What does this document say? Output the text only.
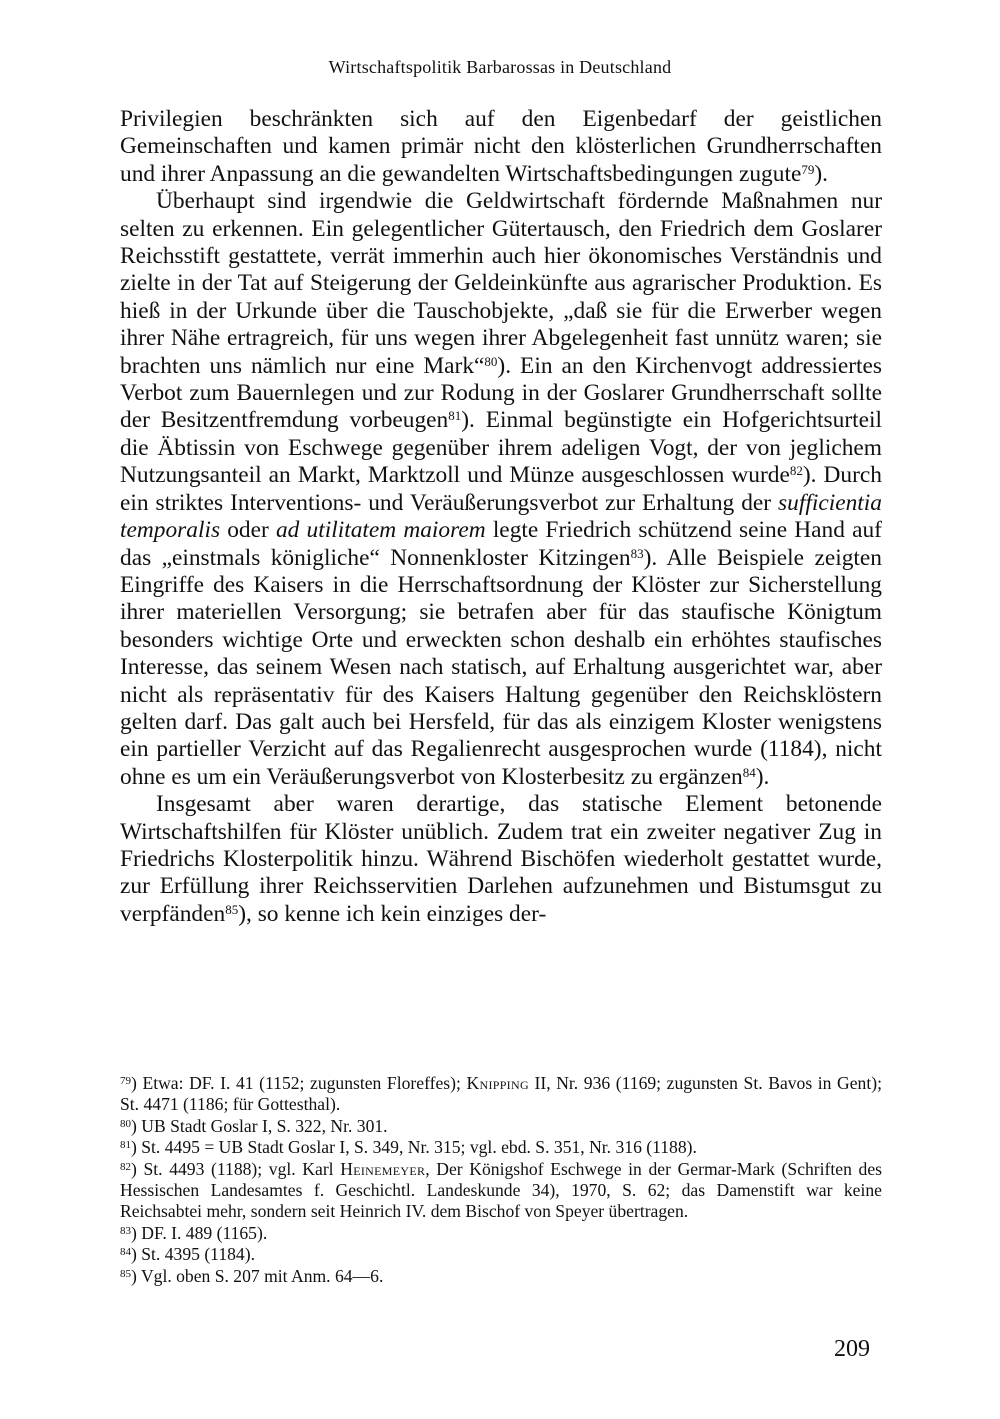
Wirtschaftspolitik Barbarossas in Deutschland

Privilegien beschränkten sich auf den Eigenbedarf der geistlichen Gemeinschaften und kamen primär nicht den klösterlichen Grundherrschaften und ihrer Anpassung an die gewandelten Wirtschaftsbedingungen zugute$^{79}$).

Überhaupt sind irgendwie die Geldwirtschaft fördernde Maßnahmen nur selten zu erkennen. Ein gelegentlicher Gütertausch, den Friedrich dem Goslarer Reichsstift gestattete, verrät immerhin auch hier ökonomisches Verständnis und zielte in der Tat auf Steigerung der Geldeinkünfte aus agrarischer Produktion. Es hieß in der Urkunde über die Tauschobjekte, „daß sie für die Erwerber wegen ihrer Nähe ertragreich, für uns wegen ihrer Abgelegenheit fast unnütz waren; sie brachten uns nämlich nur eine Mark“$^{80}$). Ein an den Kirchenvogt addressiertes Verbot zum Bauernlegen und zur Rodung in der Goslarer Grundherrschaft sollte der Besitzentfremdung vorbeugen$^{81}$). Einmal begünstigte ein Hofgerichtsurteil die Äbtissin von Eschwege gegenüber ihrem adeligen Vogt, der von jeglichem Nutzungsanteil an Markt, Marktzoll und Münze ausgeschlossen wurde$^{82}$). Durch ein striktes Interventions- und Veräußerungsverbot zur Erhaltung der sufficientia temporalis oder ad utilitatem maiorem legte Friedrich schützend seine Hand auf das „einstmals königliche“ Nonnenkloster Kitzingen$^{83}$). Alle Beispiele zeigten Eingriffe des Kaisers in die Herrschaftsordnung der Klöster zur Sicherstellung ihrer materiellen Versorgung; sie betrafen aber für das staufische Königtum besonders wichtige Orte und erweckten schon deshalb ein erhöhtes staufisches Interesse, das seinem Wesen nach statisch, auf Erhaltung ausgerichtet war, aber nicht als repräsentativ für des Kaisers Haltung gegenüber den Reichsklöstern gelten darf. Das galt auch bei Hersfeld, für das als einzigem Kloster wenigstens ein partieller Verzicht auf das Regalienrecht ausgesprochen wurde (1184), nicht ohne es um ein Veräußerungsverbot von Klosterbesitz zu ergänzen$^{84}$).

Insgesamt aber waren derartige, das statische Element betonende Wirtschaftshilfen für Klöster unüblich. Zudem trat ein zweiter negativer Zug in Friedrichs Klosterpolitik hinzu. Während Bischöfen wiederholt gestattet wurde, zur Erfüllung ihrer Reichsservitien Darlehen aufzunehmen und Bistumsgut zu verpfänden$^{85}$), so kenne ich kein einziges der-

$^{79}$) Etwa: DF. I. 41 (1152; zugunsten Floreffes); Knipping II, Nr. 936 (1169; zugunsten St. Bavos in Gent); St. 4471 (1186; für Gottesthal).

$^{80}$) UB Stadt Goslar I, S. 322, Nr. 301.

$^{81}$) St. 4495 = UB Stadt Goslar I, S. 349, Nr. 315; vgl. ebd. S. 351, Nr. 316 (1188).

$^{82}$) St. 4493 (1188); vgl. Karl Heinemeyer, Der Königshof Eschwege in der Germar-Mark (Schriften des Hessischen Landesamtes f. Geschichtl. Landeskunde 34), 1970, S. 62; das Damenstift war keine Reichsabtei mehr, sondern seit Heinrich IV. dem Bischof von Speyer übertragen.

$^{83}$) DF. I. 489 (1165).

$^{84}$) St. 4395 (1184).

$^{85}$) Vgl. oben S. 207 mit Anm. 64—6.

209
